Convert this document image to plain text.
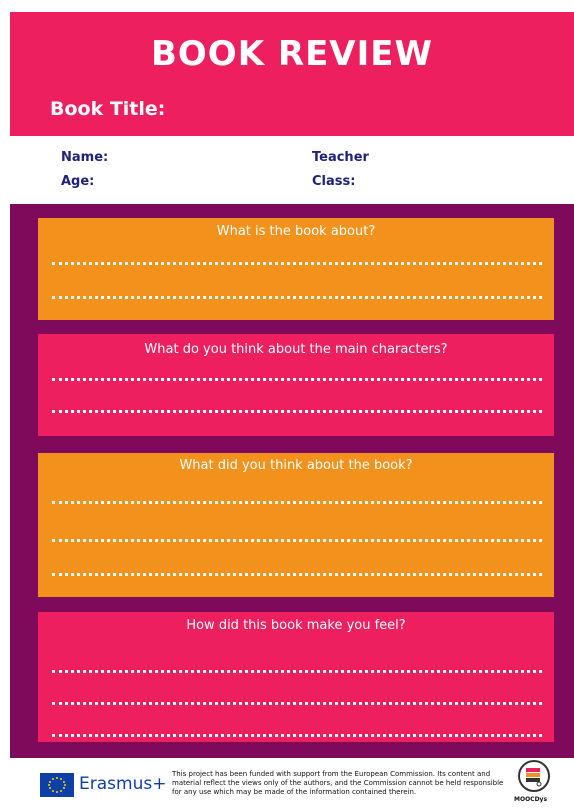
BOOK REVIEW
Book Title:
Name:
Age:
Teacher
Class:
What is the book about?
What do you think about the main characters?
What did you think about the book?
How did this book make you feel?
Erasmus+ This project has been funded with support from the European Commission. Its content and material reflect the views only of the authors, and the Commission cannot be held responsible for any use which may be made of the information contained therein.
MOOCDys
